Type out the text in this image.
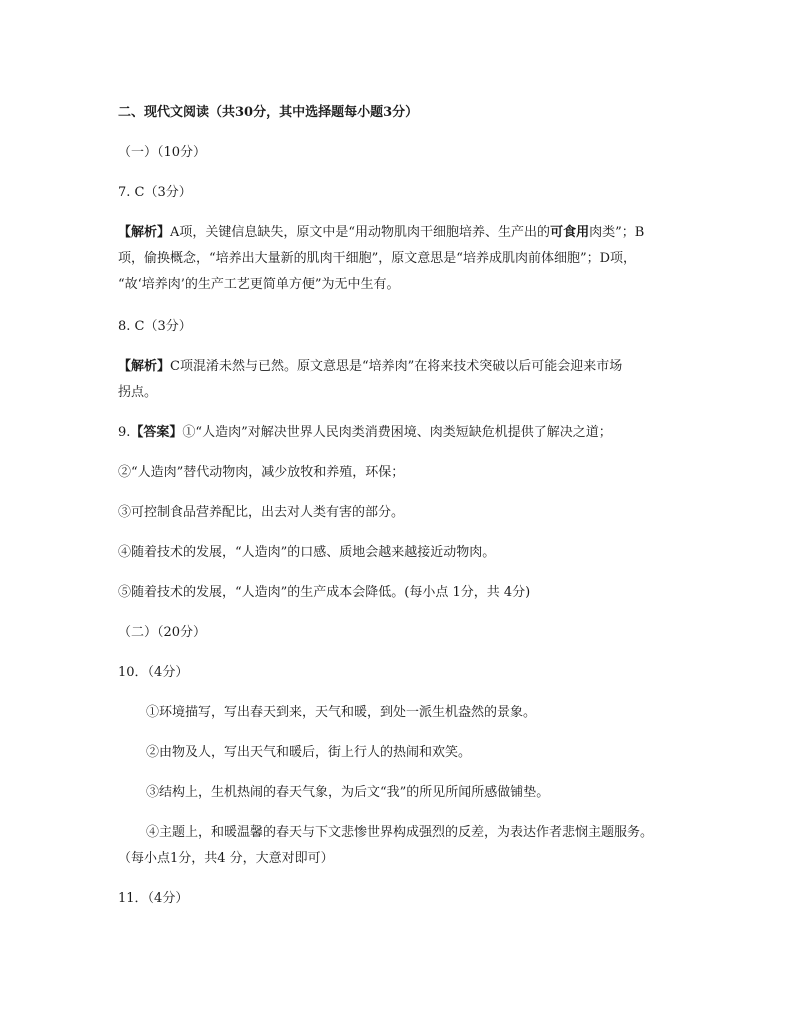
二、现代文阅读（共30分，其中选择题每小题3分）
（一）（10分）
7. C（3分）
【解析】A项，关键信息缺失，原文中是“用动物肌肉干细胞培养、生产出的可食用肉类”；B
项，偷换概念，“培养出大量新的肌肉干细胞”，原文意思是“培养成肌肉前体细胞”；D项，
“故‘培养肉’的生产工艺更简单方便”为无中生有。
8. C（3分）
【解析】C项混淆未然与已然。原文意思是“培养肉”在将来技术突破以后可能会迎来市场
拐点。
9.【答案】①“人造肉”对解决世界人民肉类消费困境、肉类短缺危机提供了解决之道；
②“人造肉”替代动物肉，减少放牧和养殖，环保；
③可控制食品营养配比，出去对人类有害的部分。
④随着技术的发展，“人造肉”的口感、质地会越来越接近动物肉。
⑤随着技术的发展，“人造肉”的生产成本会降低。(每小点 1分，共 4分)
（二）（20分）
10．（4分）
①环境描写，写出春天到来，天气和暖，到处一派生机盎然的景象。
②由物及人，写出天气和暖后，街上行人的热闹和欢笑。
③结构上，生机热闹的春天气象，为后文“我”的所见所闻所感做铺垫。
④主题上，和暖温馨的春天与下文悲惨世界构成强烈的反差，为表达作者悲悯主题服务。
（每小点1分，共4 分，大意对即可）
11．（4分）
